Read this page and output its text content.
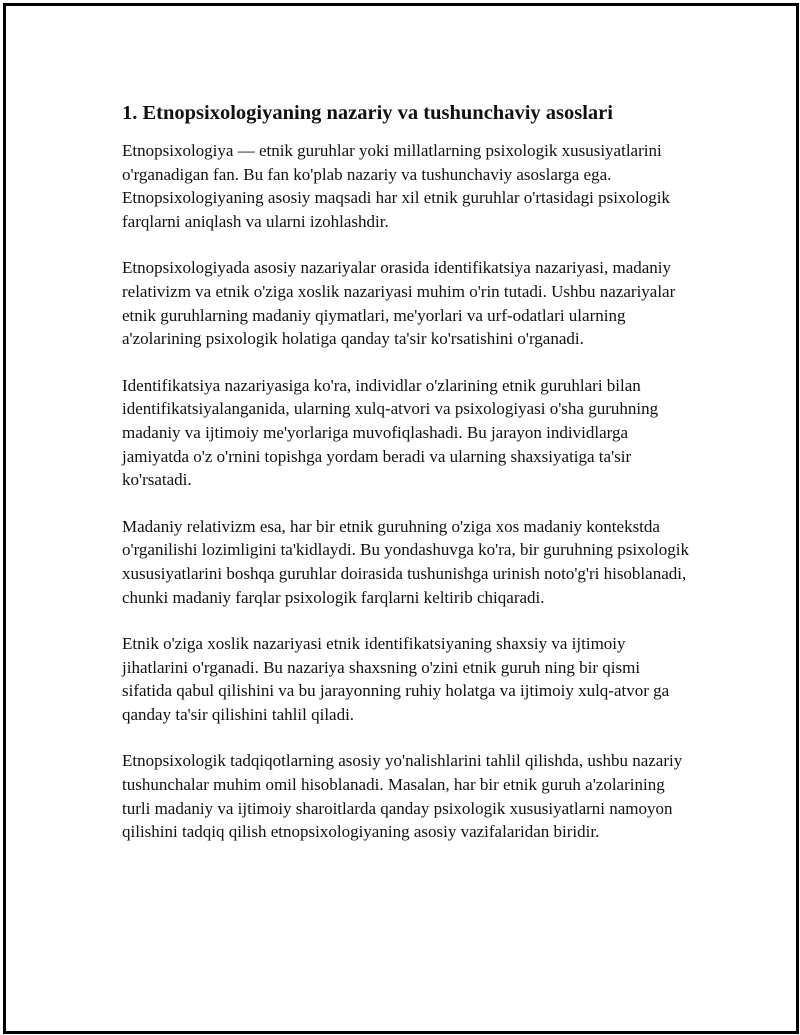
1. Etnopsixologiyaning nazariy va tushunchaviy asoslari

Etnopsixologiya — etnik guruhlar yoki millatlarning psixologik xususiyatlarini o'rganadigan fan. Bu fan ko'plab nazariy va tushunchaviy asoslarga ega. Etnopsixologiyaning asosiy maqsadi har xil etnik guruhlar o'rtasidagi psixologik farqlarni aniqlash va ularni izohlashdir.

Etnopsixologiyada asosiy nazariyalar orasida identifikatsiya nazariyasi, madaniy relativizm va etnik o'ziga xoslik nazariyasi muhim o'rin tutadi. Ushbu nazariyalar etnik guruhlarning madaniy qiymatlari, me'yorlari va urf-odatlari ularning a'zolarining psixologik holatiga qanday ta'sir ko'rsatishini o'rganadi.

Identifikatsiya nazariyasiga ko'ra, individlar o'zlarining etnik guruhlari bilan identifikatsiyalanganida, ularning xulq-atvori va psixologiyasi o'sha guruhning madaniy va ijtimoiy me'yorlariga muvofiqlashadi. Bu jarayon individlarga jamiyatda o'z o'rnini topishga yordam beradi va ularning shaxsiyatiga ta'sir ko'rsatadi.

Madaniy relativizm esa, har bir etnik guruhning o'ziga xos madaniy kontekstda o'rganilishi lozimligini ta'kidlaydi. Bu yondashuvga ko'ra, bir guruhning psixologik xususiyatlarini boshqa guruhlar doirasida tushunishga urinish noto'g'ri hisoblanadi, chunki madaniy farqlar psixologik farqlarni keltirib chiqaradi.

Etnik o'ziga xoslik nazariyasi etnik identifikatsiyaning shaxsiy va ijtimoiy jihatlarini o'rganadi. Bu nazariya shaxsning o'zini etnik guruh ning bir qismi sifatida qabul qilishini va bu jarayonning ruhiy holatga va ijtimoiy xulq-atvor ga qanday ta'sir qilishini tahlil qiladi.

Etnopsixologik tadqiqotlarning asosiy yo'nalishlarini tahlil qilishda, ushbu nazariy tushunchalar muhim omil hisoblanadi. Masalan, har bir etnik guruh a'zolarining turli madaniy va ijtimoiy sharoitlarda qanday psixologik xususiyatlarni namoyon qilishini tadqiq qilish etnopsixologiyaning asosiy vazifalaridan biridir.
